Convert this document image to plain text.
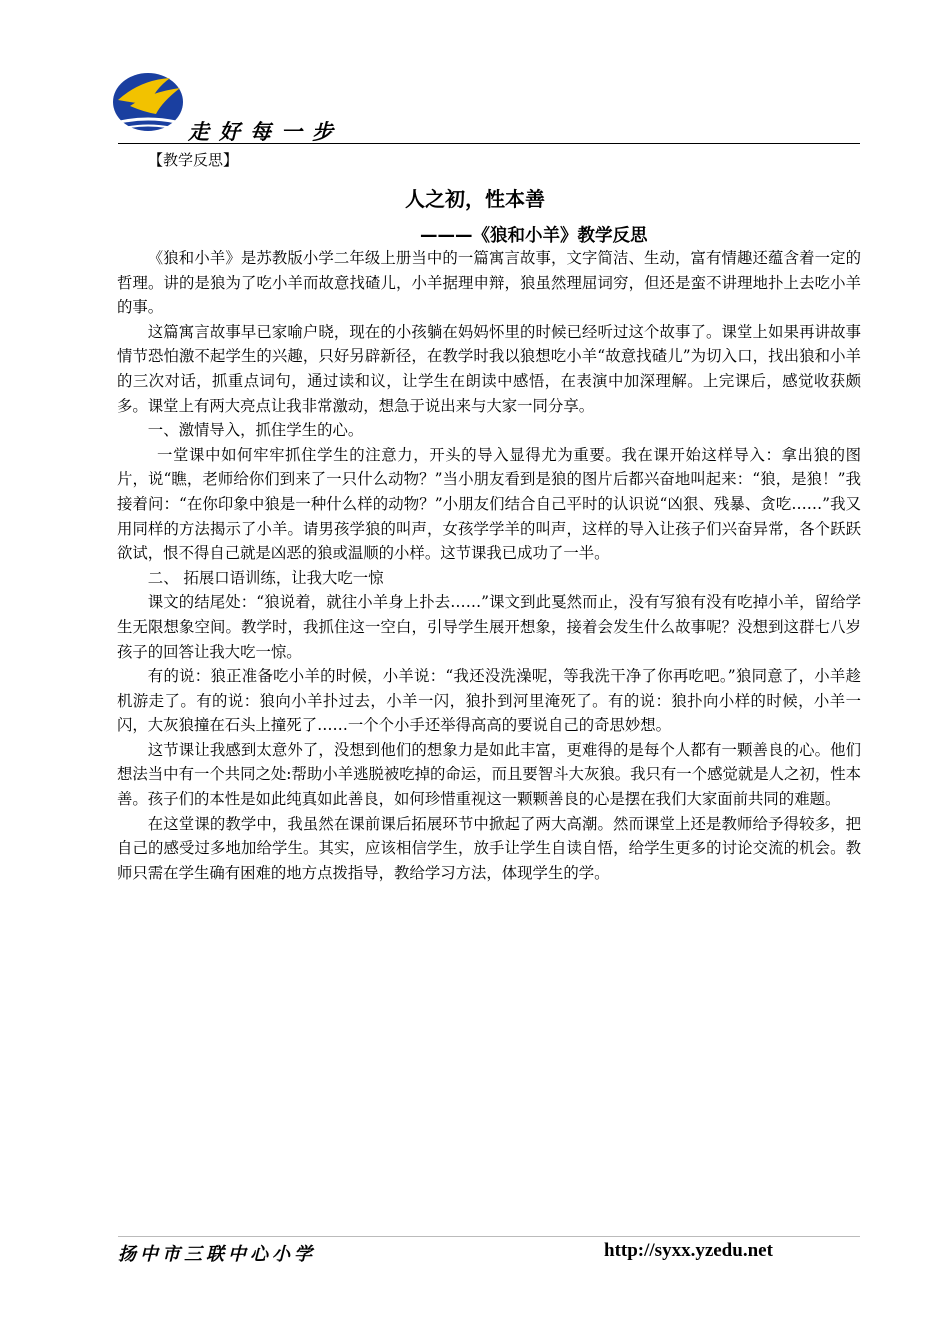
走好每一步
【教学反思】
人之初，性本善
———《狼和小羊》教学反思

《狼和小羊》是苏教版小学二年级上册当中的一篇寓言故事，文字简洁、生动，富有情趣还蕴含着一定的哲理。讲的是狼为了吃小羊而故意找碴儿，小羊据理申辩，狼虽然理屈词穷，但还是蛮不讲理地扑上去吃小羊的事。

这篇寓言故事早已家喻户晓，现在的小孩躺在妈妈怀里的时候已经听过这个故事了。课堂上如果再讲故事情节恐怕激不起学生的兴趣，只好另辟新径，在教学时我以狼想吃小羊“故意找碴儿”为切入口，找出狼和小羊的三次对话，抓重点词句，通过读和议，让学生在朗读中感悟，在表演中加深理解。上完课后，感觉收获颇多。课堂上有两大亮点让我非常激动，想急于说出来与大家一同分享。

一、激情导入，抓住学生的心。

一堂课中如何牢牢抓住学生的注意力，开头的导入显得尤为重要。我在课开始这样导入：拿出狼的图片，说“瞧，老师给你们到来了一只什么动物？”当小朋友看到是狼的图片后都兴奋地叫起来：“狼，是狼！”我接着问：“在你印象中狼是一种什么样的动物？”小朋友们结合自己平时的认识说“凶狠、残暴、贪吃……”我又用同样的方法揭示了小羊。请男孩学狼的叫声，女孩学学羊的叫声，这样的导入让孩子们兴奋异常，各个跃跃欲试，恨不得自己就是凶恶的狼或温顺的小样。这节课我已成功了一半。

二、 拓展口语训练，让我大吃一惊

课文的结尾处：“狼说着，就往小羊身上扑去……”课文到此戛然而止，没有写狼有没有吃掉小羊，留给学生无限想象空间。教学时，我抓住这一空白，引导学生展开想象，接着会发生什么故事呢？没想到这群七八岁孩子的回答让我大吃一惊。

有的说：狼正准备吃小羊的时候，小羊说：“我还没洗澡呢，等我洗干净了你再吃吧。”狼同意了，小羊趁机游走了。有的说：狼向小羊扑过去，小羊一闪，狼扑到河里淹死了。有的说：狼扑向小样的时候，小羊一闪，大灰狼撞在石头上撞死了……一个个小手还举得高高的要说自己的奇思妙想。

这节课让我感到太意外了，没想到他们的想象力是如此丰富，更难得的是每个人都有一颗善良的心。他们想法当中有一个共同之处:帮助小羊逃脱被吃掉的命运，而且要智斗大灰狼。我只有一个感觉就是人之初，性本善。孩子们的本性是如此纯真如此善良，如何珍惜重视这一颗颗善良的心是摆在我们大家面前共同的难题。

在这堂课的教学中，我虽然在课前课后拓展环节中掀起了两大高潮。然而课堂上还是教师给予得较多，把自己的感受过多地加给学生。其实，应该相信学生，放手让学生自读自悟，给学生更多的讨论交流的机会。教师只需在学生确有困难的地方点拨指导，教给学习方法，体现学生的学。

扬中市三联中心小学	http://syxx.yzedu.net
